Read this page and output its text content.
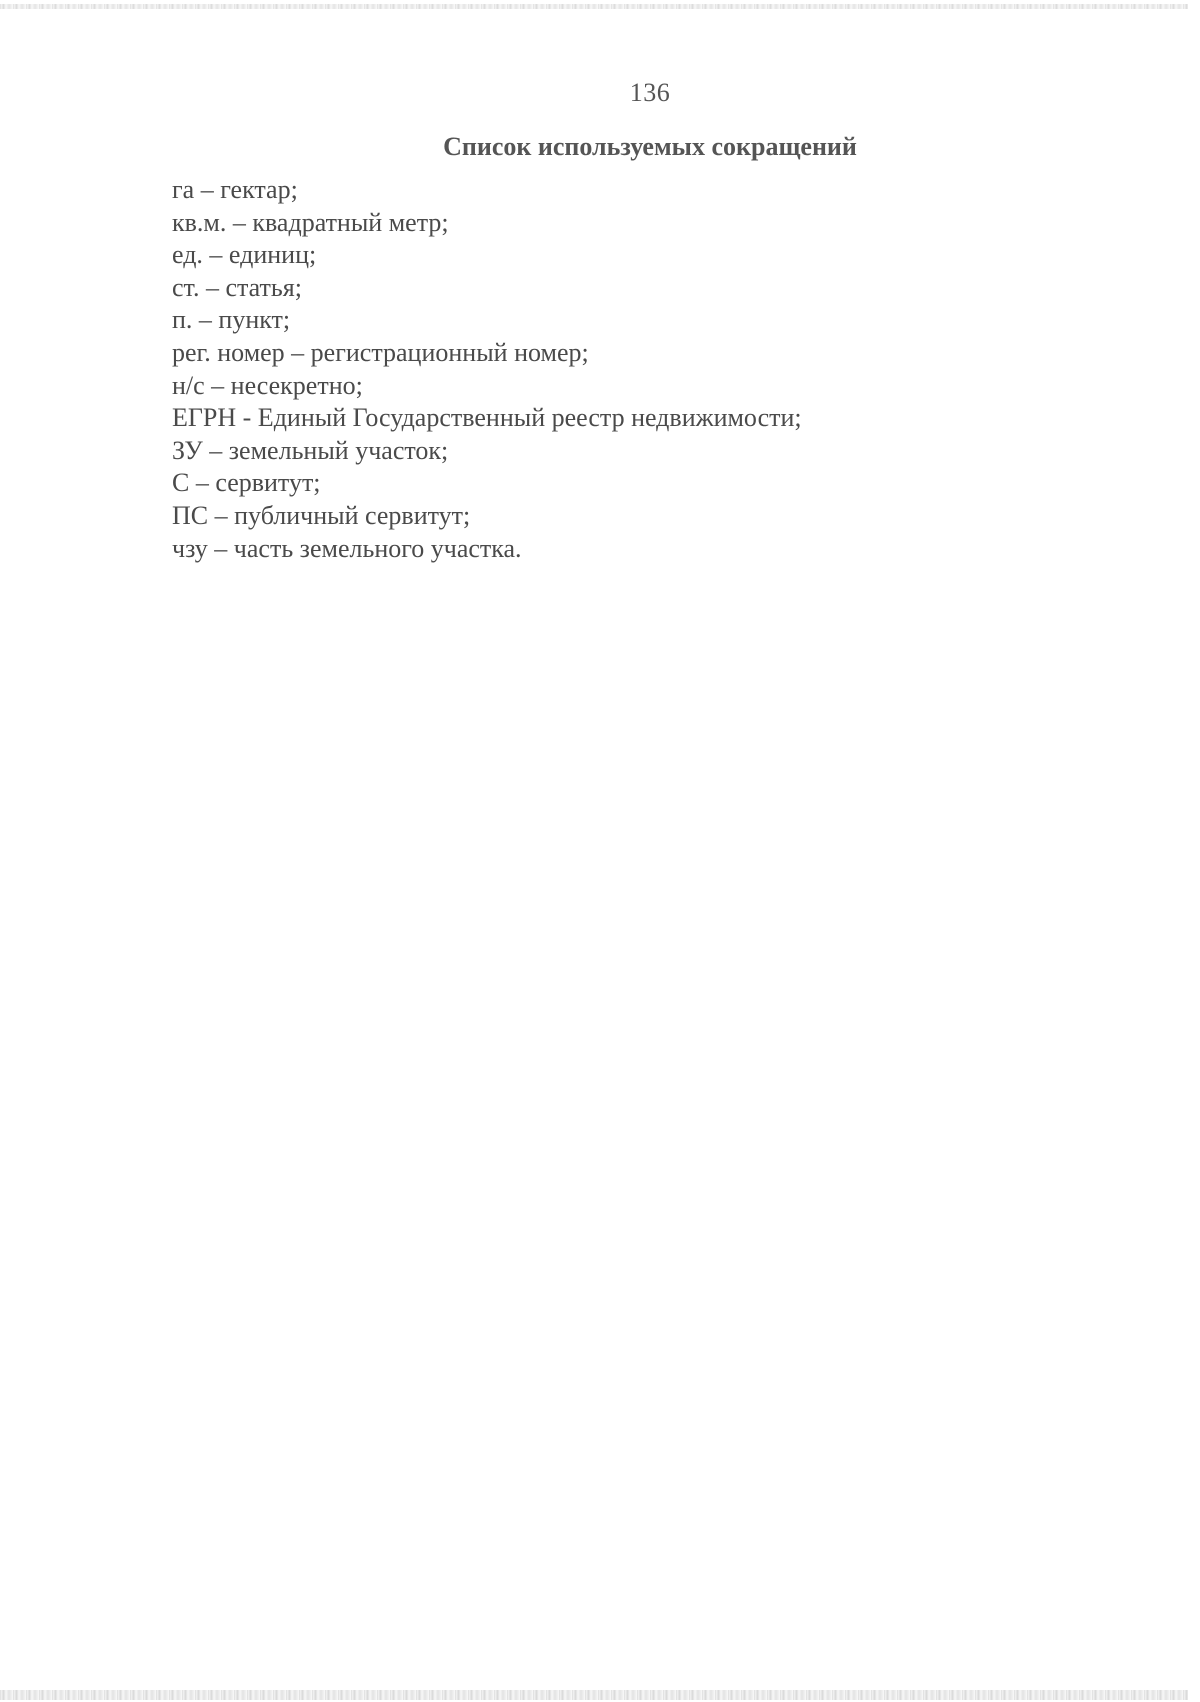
136
Список используемых сокращений
га – гектар;
кв.м. – квадратный метр;
ед. – единиц;
ст. – статья;
п. – пункт;
рег. номер – регистрационный номер;
н/с – несекретно;
ЕГРН - Единый Государственный реестр недвижимости;
ЗУ – земельный участок;
С – сервитут;
ПС – публичный сервитут;
чзу – часть земельного участка.
